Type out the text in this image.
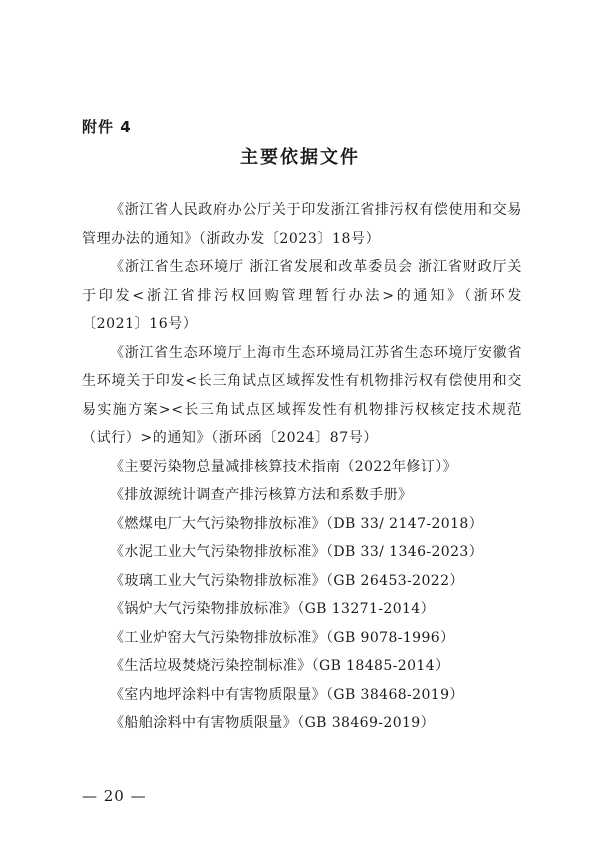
附件 4
主要依据文件
《浙江省人民政府办公厅关于印发浙江省排污权有偿使用和交易管理办法的通知》（浙政办发〔2023〕18号）
《浙江省生态环境厅 浙江省发展和改革委员会 浙江省财政厅关于印发<浙江省排污权回购管理暂行办法>的通知》（浙环发〔2021〕16号）
《浙江省生态环境厅上海市生态环境局江苏省生态环境厅安徽省生环境关于印发<长三角试点区域挥发性有机物排污权有偿使用和交易实施方案><长三角试点区域挥发性有机物排污权核定技术规范（试行）>的通知》（浙环函〔2024〕87号）
《主要污染物总量减排核算技术指南（2022年修订）》
《排放源统计调查产排污核算方法和系数手册》
《燃煤电厂大气污染物排放标准》（DB 33/ 2147-2018）
《水泥工业大气污染物排放标准》（DB 33/ 1346-2023）
《玻璃工业大气污染物排放标准》（GB 26453-2022）
《锅炉大气污染物排放标准》（GB 13271-2014）
《工业炉窑大气污染物排放标准》（GB 9078-1996）
《生活垃圾焚烧污染控制标准》（GB 18485-2014）
《室内地坪涂料中有害物质限量》（GB 38468-2019）
《船舶涂料中有害物质限量》（GB 38469-2019）
— 20 —
